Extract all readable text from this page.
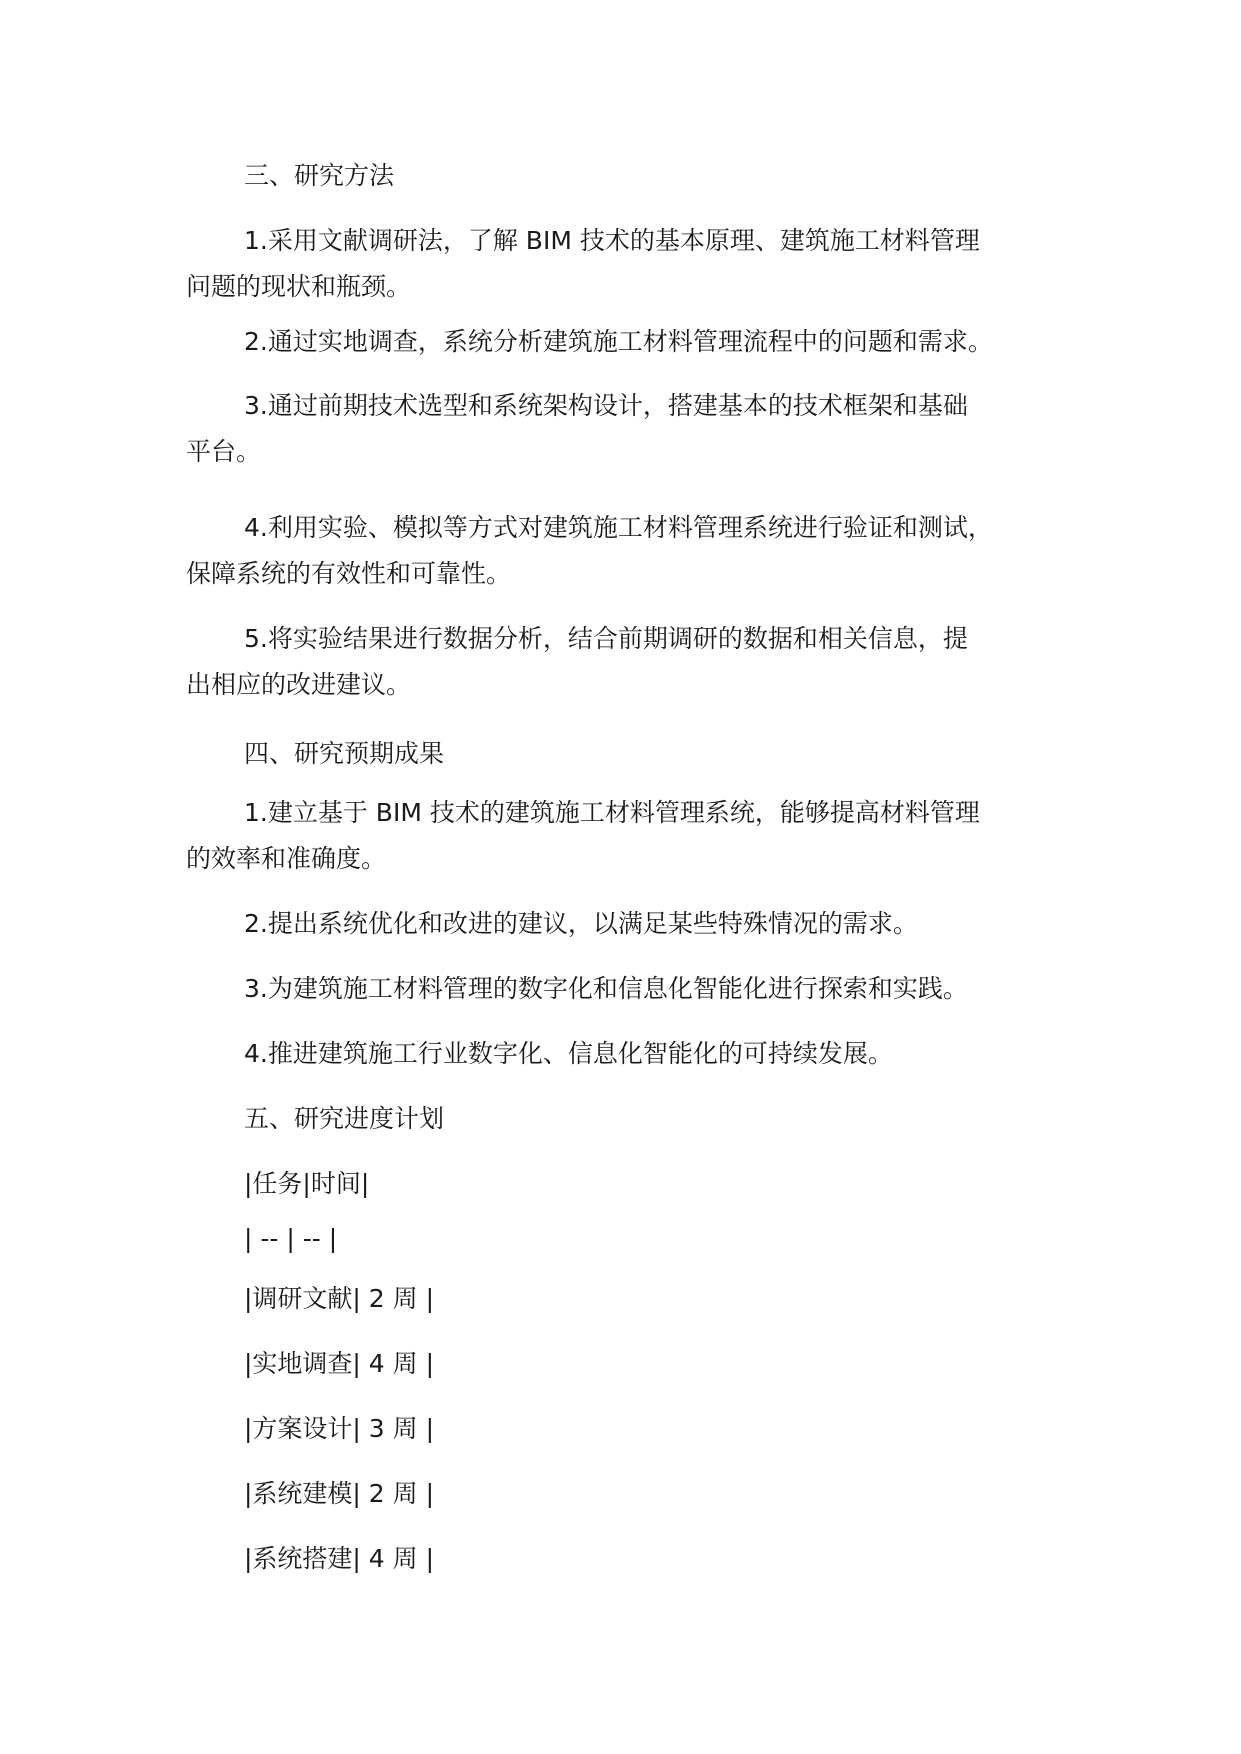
三、研究方法
1.采用文献调研法，了解 BIM 技术的基本原理、建筑施工材料管理
问题的现状和瓶颈。
2.通过实地调查，系统分析建筑施工材料管理流程中的问题和需求。
3.通过前期技术选型和系统架构设计，搭建基本的技术框架和基础
平台。
4.利用实验、模拟等方式对建筑施工材料管理系统进行验证和测试，
保障系统的有效性和可靠性。
5.将实验结果进行数据分析，结合前期调研的数据和相关信息，提
出相应的改进建议。
四、研究预期成果
1.建立基于 BIM 技术的建筑施工材料管理系统，能够提高材料管理
的效率和准确度。
2.提出系统优化和改进的建议，以满足某些特殊情况的需求。
3.为建筑施工材料管理的数字化和信息化智能化进行探索和实践。
4.推进建筑施工行业数字化、信息化智能化的可持续发展。
五、研究进度计划
|任务|时间|
| -- | -- |
|调研文献| 2 周 |
|实地调查| 4 周 |
|方案设计| 3 周 |
|系统建模| 2 周 |
|系统搭建| 4 周 |
